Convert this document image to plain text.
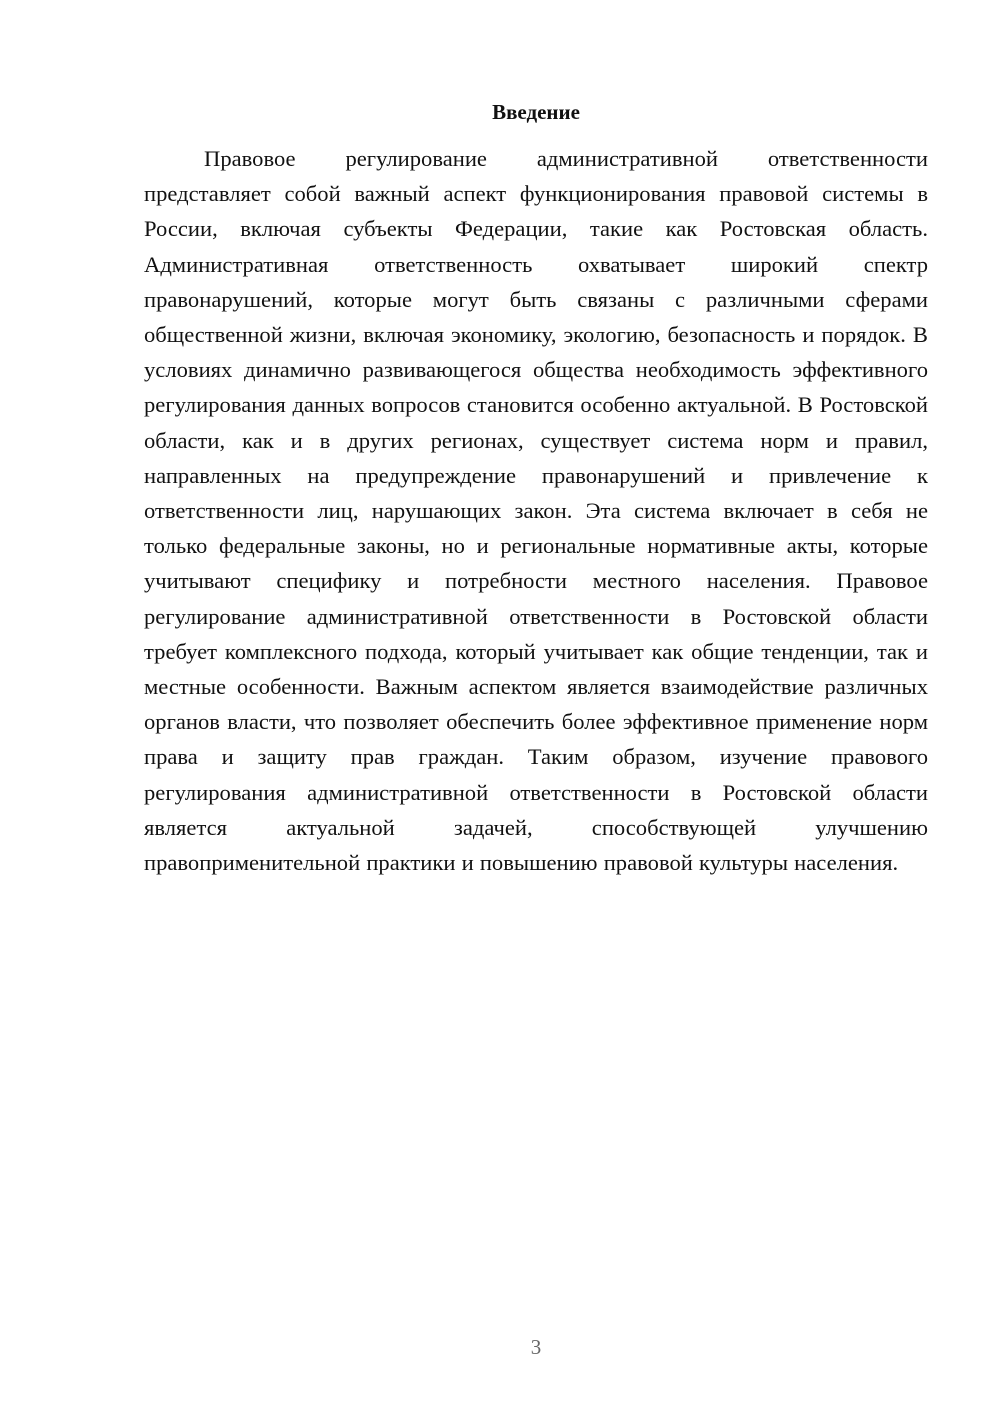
Введение

Правовое регулирование административной ответственности представляет собой важный аспект функционирования правовой системы в России, включая субъекты Федерации, такие как Ростовская область. Административная ответственность охватывает широкий спектр правонарушений, которые могут быть связаны с различными сферами общественной жизни, включая экономику, экологию, безопасность и порядок. В условиях динамично развивающегося общества необходимость эффективного регулирования данных вопросов становится особенно актуальной. В Ростовской области, как и в других регионах, существует система норм и правил, направленных на предупреждение правонарушений и привлечение к ответственности лиц, нарушающих закон. Эта система включает в себя не только федеральные законы, но и региональные нормативные акты, которые учитывают специфику и потребности местного населения. Правовое регулирование административной ответственности в Ростовской области требует комплексного подхода, который учитывает как общие тенденции, так и местные особенности. Важным аспектом является взаимодействие различных органов власти, что позволяет обеспечить более эффективное применение норм права и защиту прав граждан. Таким образом, изучение правового регулирования административной ответственности в Ростовской области является актуальной задачей, способствующей улучшению правоприменительной практики и повышению правовой культуры населения.

3
